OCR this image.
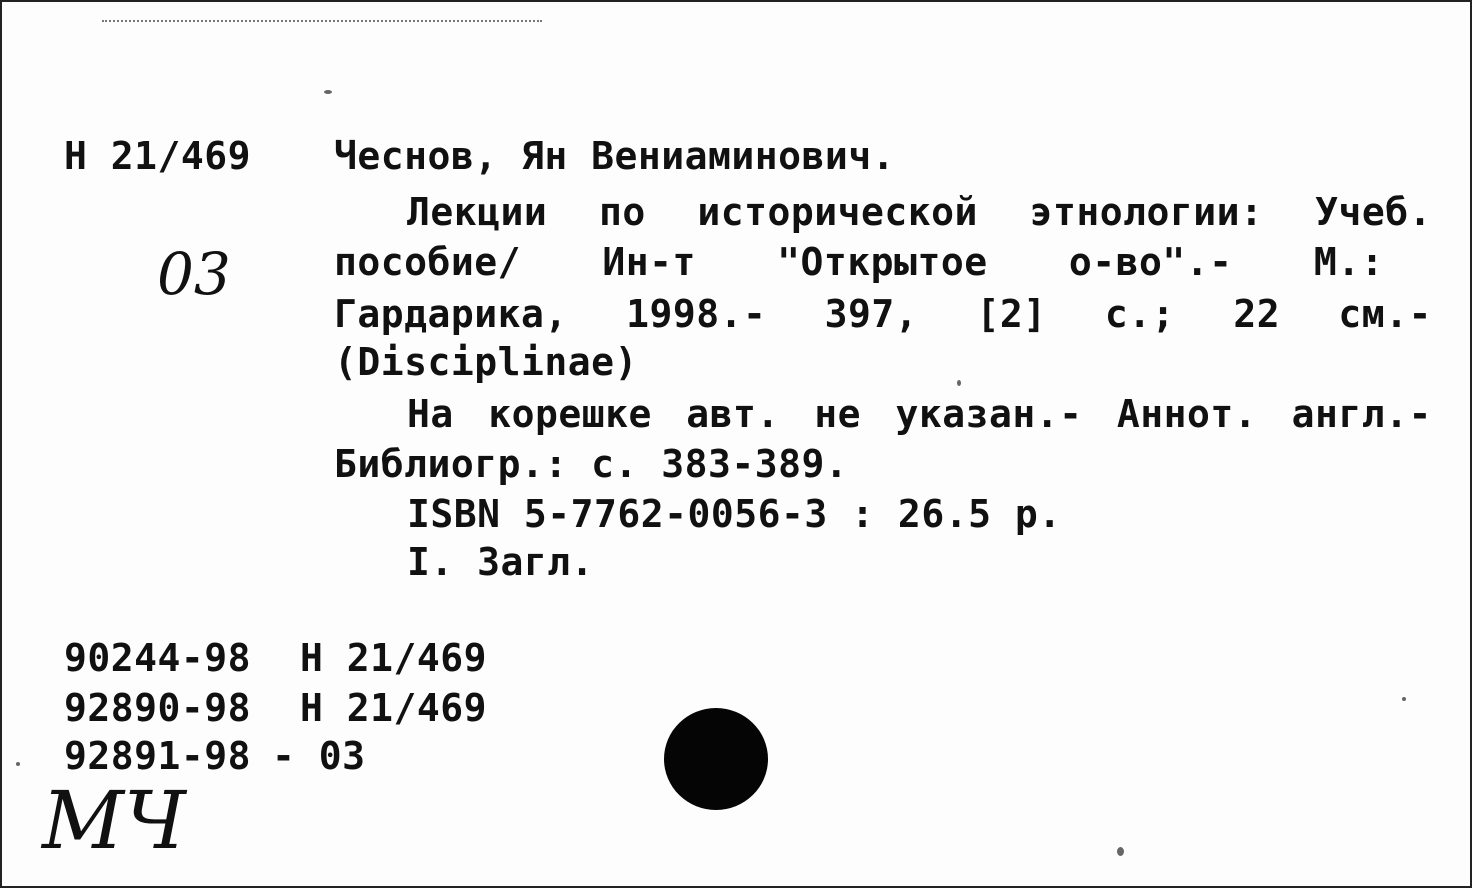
Н 21/469
03
Чеснов, Ян Вениаминович.
Лекции по исторической этнологии: Учеб.
пособие/ Ин-т "Открытое о-во".- М.:
Гардарика, 1998.- 397, [2] с.; 22 см.-
(Disciplinae)
На корешке авт. не указан.- Аннот. англ.-
Библиогр.: с. 383-389.
ISBN 5-7762-0056-3 : 26.5 р.
I. Загл.
90244-98 Н 21/469
92890-98 Н 21/469
92891-98 - 03
МЧ
